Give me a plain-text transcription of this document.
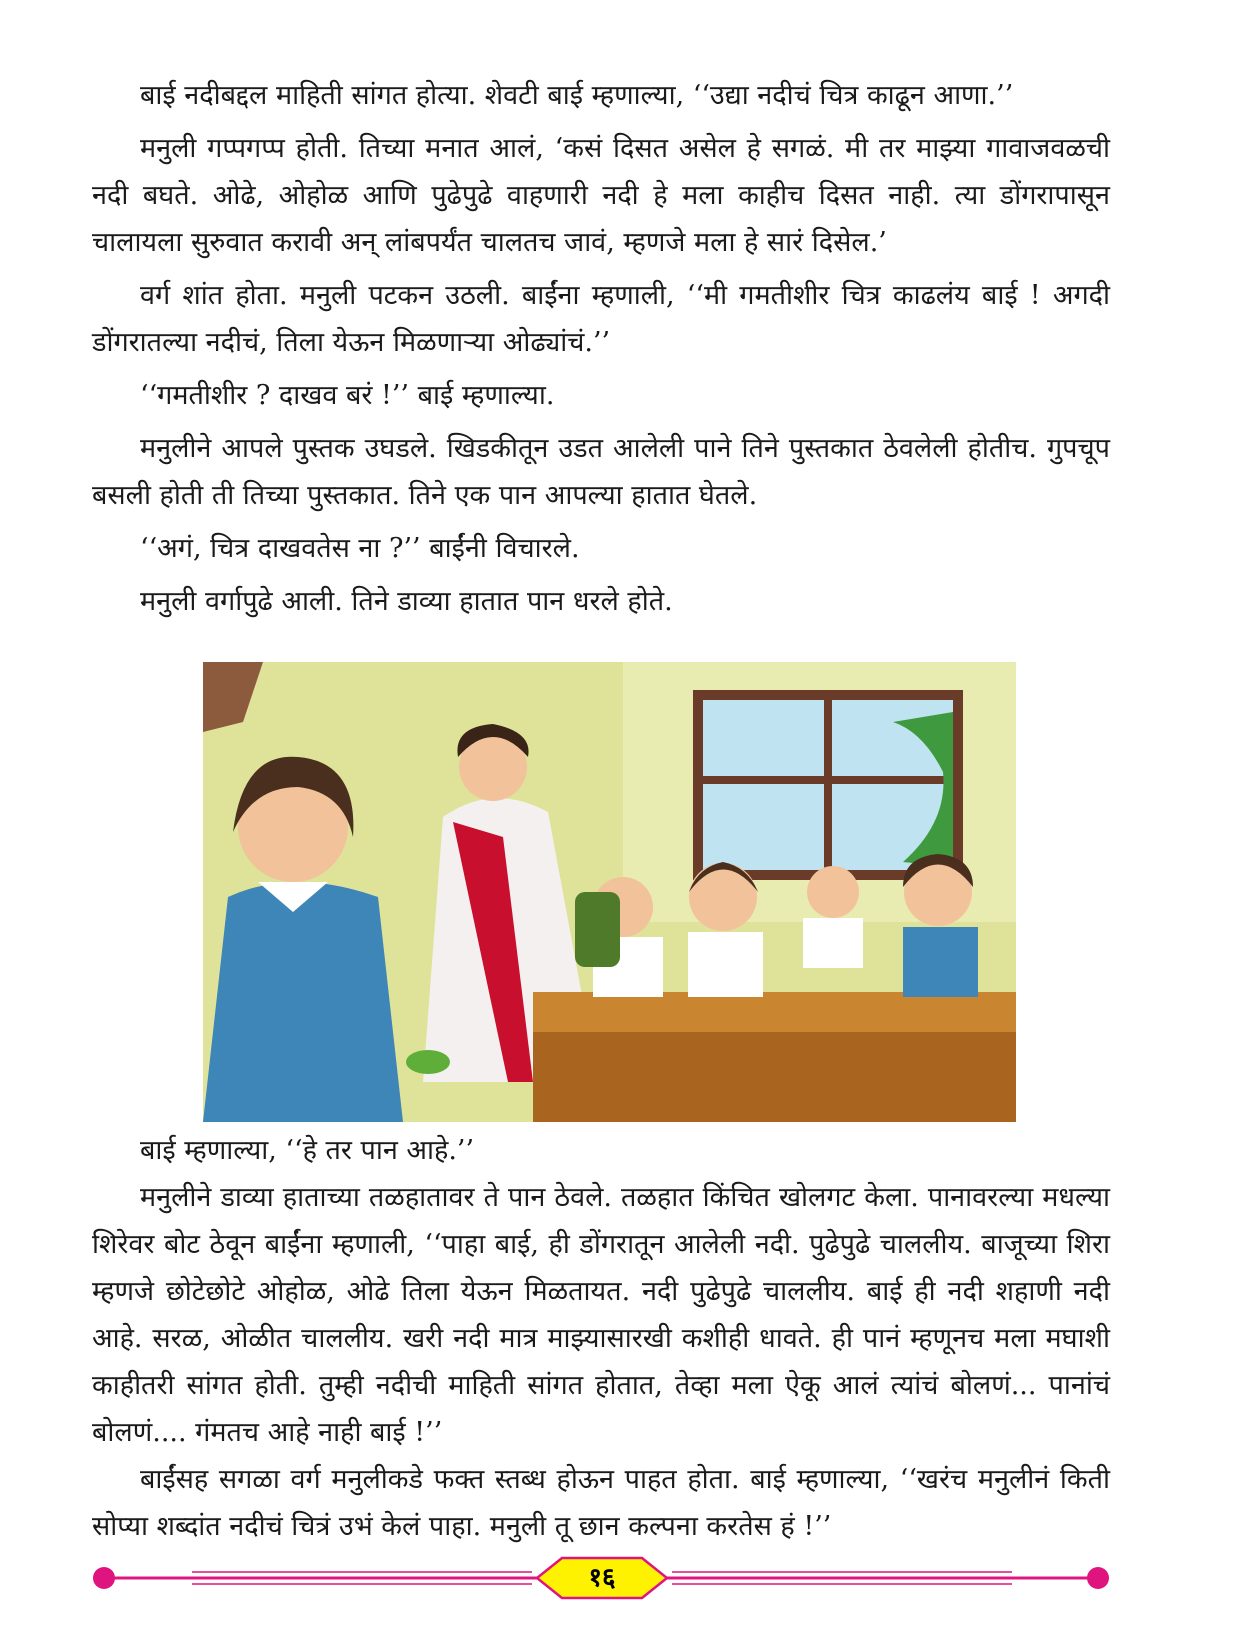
बाई नदीबद्दल माहिती सांगत होत्या. शेवटी बाई म्हणाल्या, ‘‘उद्या नदीचं चित्र काढून आणा.’’

मनुली गप्पगप्प होती. तिच्या मनात आलं, ‘कसं दिसत असेल हे सगळं. मी तर माझ्या गावाजवळची नदी बघते. ओढे, ओहोळ आणि पुढेपुढे वाहणारी नदी हे मला काहीच दिसत नाही. त्या डोंगरापासून चालायला सुरुवात करावी अन् लांबपर्यंत चालतच जावं, म्हणजे मला हे सारं दिसेल.’

वर्ग शांत होता. मनुली पटकन उठली. बाईंना म्हणाली, ‘‘मी गमतीशीर चित्र काढलंय बाई ! अगदी डोंगरातल्या नदीचं, तिला येऊन मिळणाऱ्या ओढ्यांचं.’’

‘‘गमतीशीर ? दाखव बरं !’’ बाई म्हणाल्या.

मनुलीने आपले पुस्तक उघडले. खिडकीतून उडत आलेली पाने तिने पुस्तकात ठेवलेली होतीच. गुपचूप बसली होती ती तिच्या पुस्तकात. तिने एक पान आपल्या हातात घेतले.

‘‘अगं, चित्र दाखवतेस ना ?’’ बाईंनी विचारले.

मनुली वर्गापुढे आली. तिने डाव्या हातात पान धरले होते.

बाई म्हणाल्या, ‘‘हे तर पान आहे.’’

मनुलीने डाव्या हाताच्या तळहातावर ते पान ठेवले. तळहात किंचित खोलगट केला. पानावरल्या मधल्या शिरेवर बोट ठेवून बाईंना म्हणाली, ‘‘पाहा बाई, ही डोंगरातून आलेली नदी. पुढेपुढे चाललीय. बाजूच्या शिरा म्हणजे छोटेछोटे ओहोळ, ओढे तिला येऊन मिळतायत. नदी पुढेपुढे चाललीय. बाई ही नदी शहाणी नदी आहे. सरळ, ओळीत चाललीय. खरी नदी मात्र माझ्यासारखी कशीही धावते. ही पानं म्हणूनच मला मघाशी काहीतरी सांगत होती. तुम्ही नदीची माहिती सांगत होतात, तेव्हा मला ऐकू आलं त्यांचं बोलणं... पानांचं बोलणं.... गंमतच आहे नाही बाई !’’

बाईंसह सगळा वर्ग मनुलीकडे फक्त स्तब्ध होऊन पाहत होता. बाई म्हणाल्या, ‘‘खरंच मनुलीनं किती सोप्या शब्दांत नदीचं चित्रं उभं केलं पाहा. मनुली तू छान कल्पना करतेस हं !’’

१६
